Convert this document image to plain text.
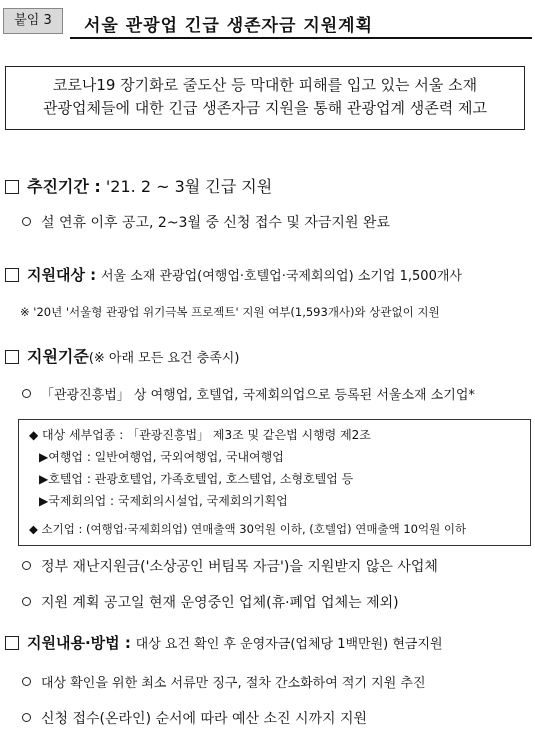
붙임 3	서울 관광업 긴급 생존자금 지원계획
코로나19 장기화로 줄도산 등 막대한 피해를 입고 있는 서울 소재
관광업체들에 대한 긴급 생존자금 지원을 통해 관광업계 생존력 제고
추진기간 : '21. 2 ~ 3월 긴급 지원
설 연휴 이후 공고, 2~3월 중 신청 접수 및 자금지원 완료
지원대상 : 서울 소재 관광업(여행업·호텔업·국제회의업) 소기업 1,500개사
※ '20년 '서울형 관광업 위기극복 프로젝트' 지원 여부(1,593개사)와 상관없이 지원
지원기준(※ 아래 모든 요건 충족시)
「관광진흥법」 상 여행업, 호텔업, 국제회의업으로 등록된 서울소재 소기업*
◆ 대상 세부업종 : 「관광진흥법」 제3조 및 같은법 시행령 제2조
▶여행업 : 일반여행업, 국외여행업, 국내여행업
▶호텔업 : 관광호텔업, 가족호텔업, 호스텔업, 소형호텔업 등
▶국제회의업 : 국제회의시설업, 국제회의기획업
◆ 소기업 : (여행업·국제회의업) 연매출액 30억원 이하, (호텔업) 연매출액 10억원 이하
정부 재난지원금('소상공인 버팀목 자금')을 지원받지 않은 사업체
지원 계획 공고일 현재 운영중인 업체(휴·폐업 업체는 제외)
지원내용·방법 : 대상 요건 확인 후 운영자금(업체당 1백만원) 현금지원
대상 확인을 위한 최소 서류만 징구, 절차 간소화하여 적기 지원 추진
신청 접수(온라인) 순서에 따라 예산 소진 시까지 지원
